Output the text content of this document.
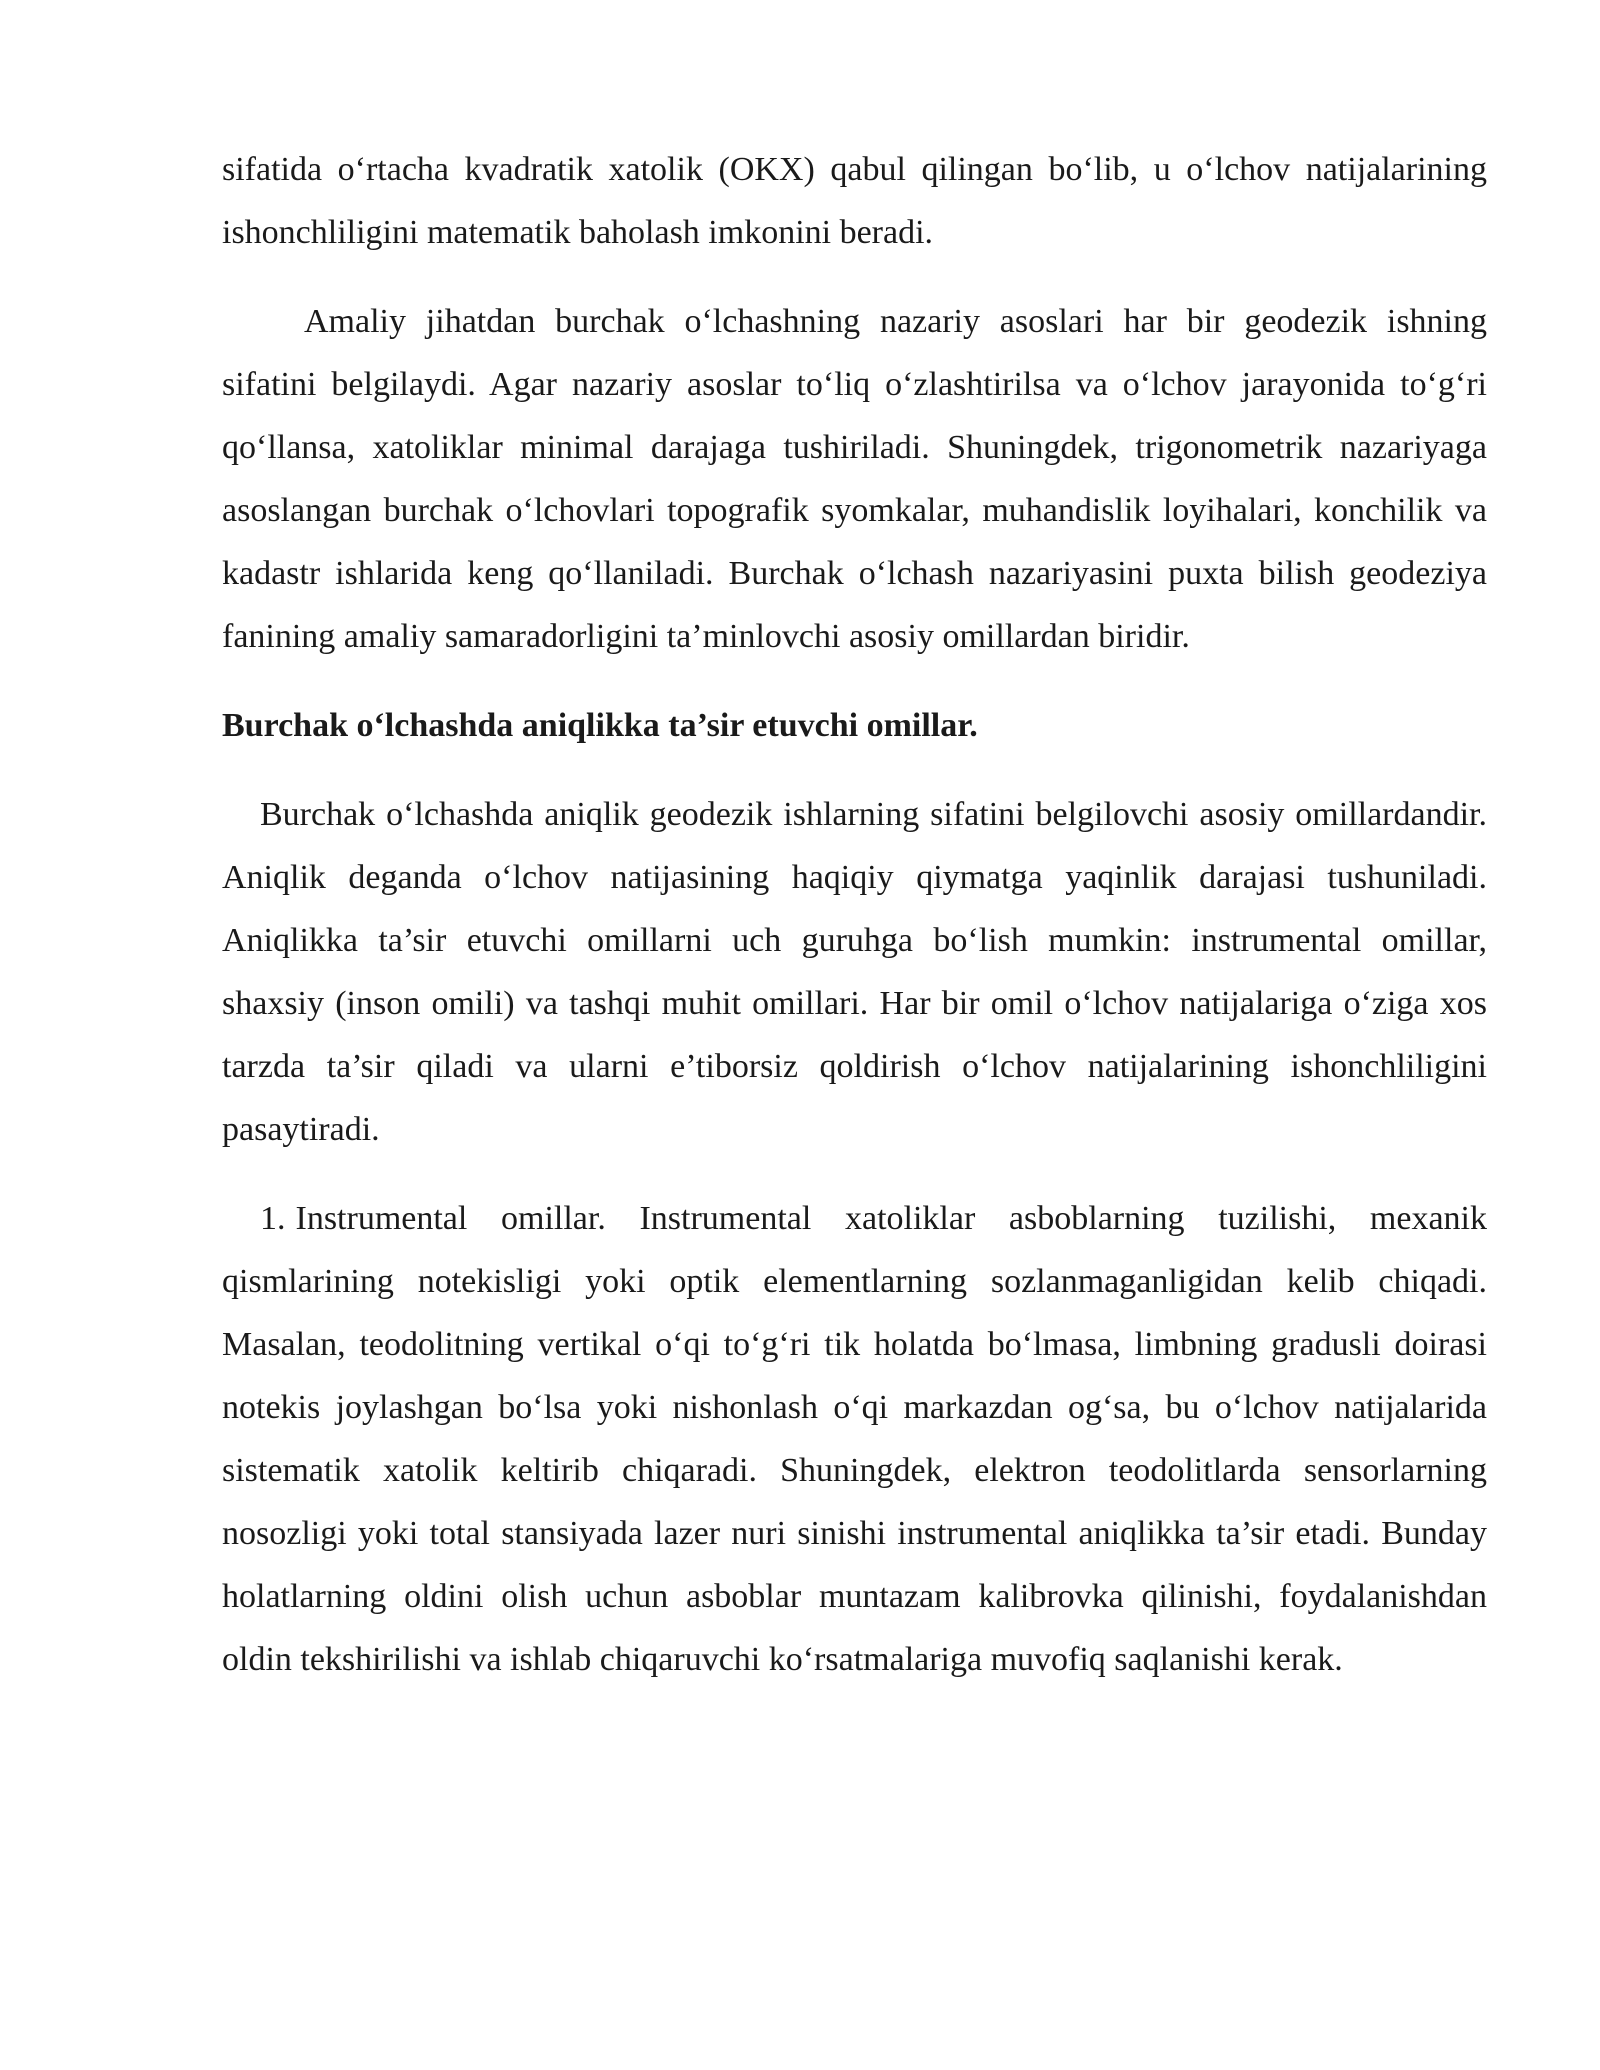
sifatida o‘rtacha kvadratik xatolik (OKX) qabul qilingan bo‘lib, u o‘lchov natijalarining ishonchliligini matematik baholash imkonini beradi.

Amaliy jihatdan burchak o‘lchashning nazariy asoslari har bir geodezik ishning sifatini belgilaydi. Agar nazariy asoslar to‘liq o‘zlashtirilsa va o‘lchov jarayonida to‘g‘ri qo‘llansa, xatoliklar minimal darajaga tushiriladi. Shuningdek, trigonometrik nazariyaga asoslangan burchak o‘lchovlari topografik syomkalar, muhandislik loyihalari, konchilik va kadastr ishlarida keng qo‘llaniladi. Burchak o‘lchash nazariyasini puxta bilish geodeziya fanining amaliy samaradorligini ta’minlovchi asosiy omillardan biridir.

Burchak o‘lchashda aniqlikka ta’sir etuvchi omillar.

Burchak o‘lchashda aniqlik geodezik ishlarning sifatini belgilovchi asosiy omillardandir. Aniqlik deganda o‘lchov natijasining haqiqiy qiymatga yaqinlik darajasi tushuniladi. Aniqlikka ta’sir etuvchi omillarni uch guruhga bo‘lish mumkin: instrumental omillar, shaxsiy (inson omili) va tashqi muhit omillari. Har bir omil o‘lchov natijalariga o‘ziga xos tarzda ta’sir qiladi va ularni e’tiborsiz qoldirish o‘lchov natijalarining ishonchliligini pasaytiradi.

1. Instrumental omillar. Instrumental xatoliklar asboblarning tuzilishi, mexanik qismlarining notekisligi yoki optik elementlarning sozlanmaganligidan kelib chiqadi. Masalan, teodolitning vertikal o‘qi to‘g‘ri tik holatda bo‘lmasa, limbning gradusli doirasi notekis joylashgan bo‘lsa yoki nishonlash o‘qi markazdan og‘sa, bu o‘lchov natijalarida sistematik xatolik keltirib chiqaradi. Shuningdek, elektron teodolitlarda sensorlarning nosozligi yoki total stansiyada lazer nuri sinishi instrumental aniqlikka ta’sir etadi. Bunday holatlarning oldini olish uchun asboblar muntazam kalibrovka qilinishi, foydalanishdan oldin tekshirilishi va ishlab chiqaruvchi ko‘rsatmalariga muvofiq saqlanishi kerak.
